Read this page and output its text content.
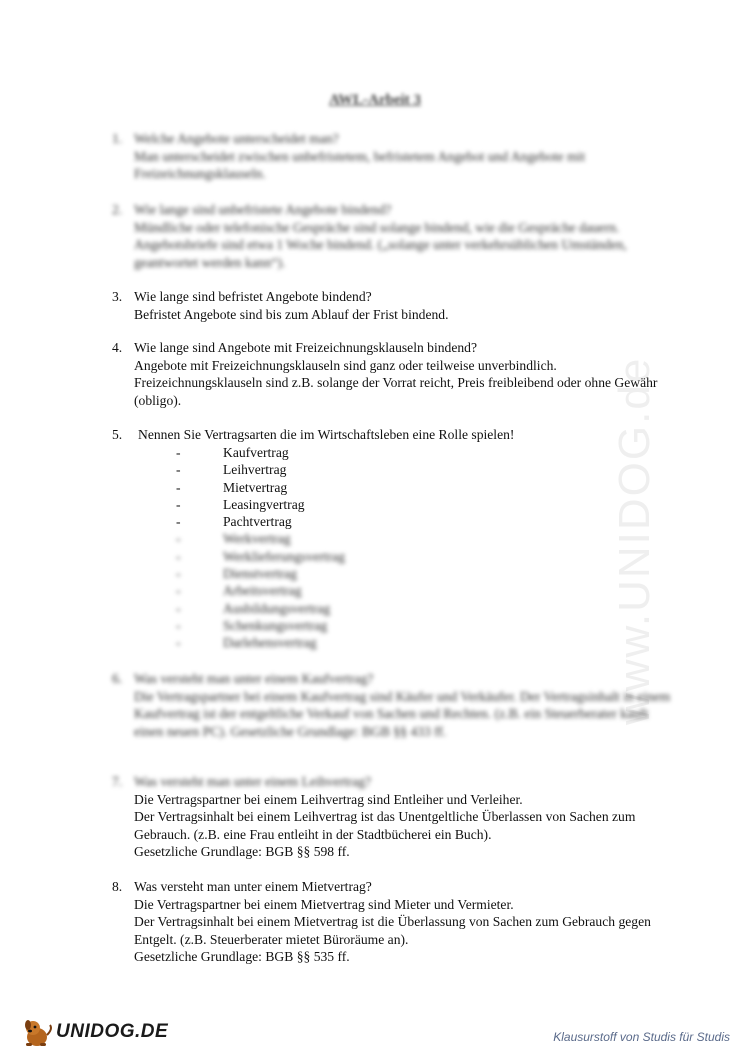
www.UNIDOG.de
AWL-Arbeit 3
1. Welche Angebote unterscheidet man?
Man unterscheidet zwischen unbefristetem, befristetem Angebot und Angebote mit Freizeichnungsklauseln.
2. Wie lange sind unbefristete Angebote bindend?
Mündliche oder telefonische Gespräche sind solange bindend, wie die Gespräche dauern. Angebotsbriefe sind etwa 1 Woche bindend. („solange unter verkehrsüblichen Umständen, geantwortet werden kann“).
3. Wie lange sind befristet Angebote bindend?
Befristet Angebote sind bis zum Ablauf der Frist bindend.
4. Wie lange sind Angebote mit Freizeichnungsklauseln bindend?
Angebote mit Freizeichnungsklauseln sind ganz oder teilweise unverbindlich. Freizeichnungsklauseln sind z.B. solange der Vorrat reicht, Preis freibleibend oder ohne Gewähr (obligo).
5. Nennen Sie Vertragsarten die im Wirtschaftsleben eine Rolle spielen!
-	Kaufvertrag
-	Leihvertrag
-	Mietvertrag
-	Leasingvertrag
-	Pachtvertrag
-	Werkvertrag
-	Werklieferungsvertrag
-	Dienstvertrag
-	Arbeitsvertrag
-	Ausbildungsvertrag
-	Schenkungsvertrag
-	Darlehensvertrag
6. Was versteht man unter einem Kaufvertrag?
Die Vertragspartner bei einem Kaufvertrag sind Käufer und Verkäufer. Der Vertragsinhalt in einem Kaufvertrag ist der entgeltliche Verkauf von Sachen und Rechten. (z.B. ein Steuerberater kauft einen neuen PC). Gesetzliche Grundlage: BGB §§ 433 ff.
7. Was versteht man unter einem Leihvertrag?
Die Vertragspartner bei einem Leihvertrag sind Entleiher und Verleiher.
Der Vertragsinhalt bei einem Leihvertrag ist das Unentgeltliche Überlassen von Sachen zum Gebrauch. (z.B. eine Frau entleiht in der Stadtbücherei ein Buch).
Gesetzliche Grundlage: BGB §§ 598 ff.
8. Was versteht man unter einem Mietvertrag?
Die Vertragspartner bei einem Mietvertrag sind Mieter und Vermieter.
Der Vertragsinhalt bei einem Mietvertrag ist die Überlassung von Sachen zum Gebrauch gegen Entgelt. (z.B. Steuerberater mietet Büroräume an).
Gesetzliche Grundlage: BGB §§ 535 ff.
UNIDOG.DE	Klausurstoff von Studis für Studis
